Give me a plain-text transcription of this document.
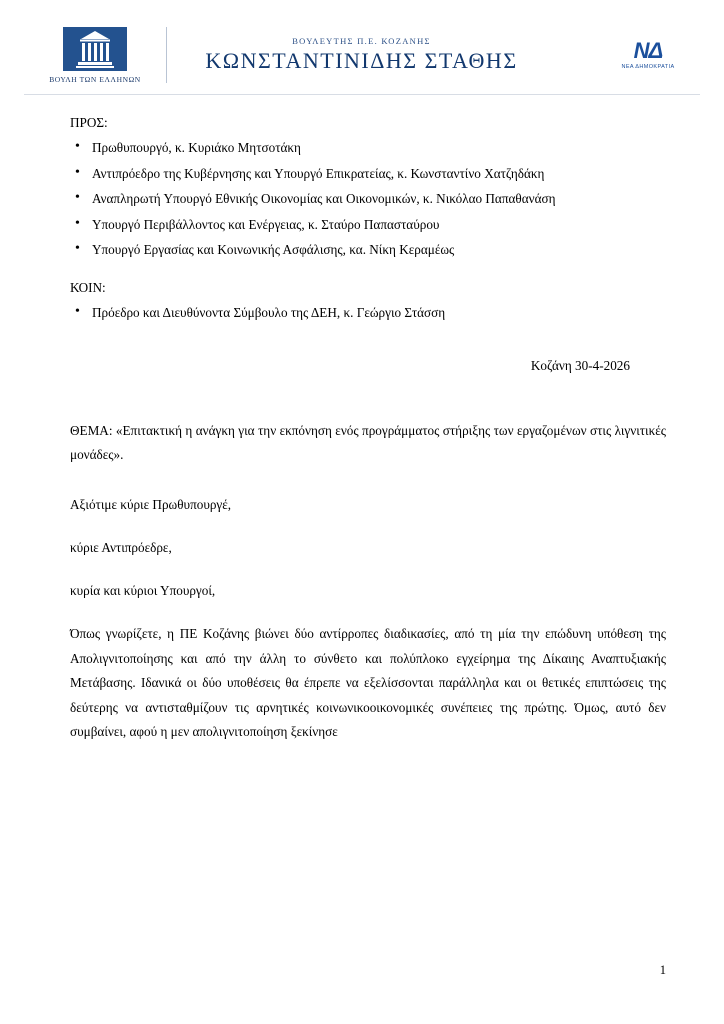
ΒΟΥΛΗ ΤΩΝ ΕΛΛΗΝΩΝ
ΒΟΥΛΕΥΤΗΣ Π.Ε. ΚΟΖΑΝΗΣ
ΚΩΝΣΤΑΝΤΙΝΙΔΗΣ ΣΤΑΘΗΣ	ΝΔ
ΝΕΑ ΔΗΜΟΚΡΑΤΙΑ
ΠΡΟΣ:
• Πρωθυπουργό, κ. Κυριάκο Μητσοτάκη
• Αντιπρόεδρο της Κυβέρνησης και Υπουργό Επικρατείας, κ. Κωνσταντίνο Χατζηδάκη
• Αναπληρωτή Υπουργό Εθνικής Οικονομίας και Οικονομικών, κ. Νικόλαο Παπαθανάση
• Υπουργό Περιβάλλοντος και Ενέργειας, κ. Σταύρο Παπασταύρου
• Υπουργό Εργασίας και Κοινωνικής Ασφάλισης, κα. Νίκη Κεραμέως
ΚΟΙΝ:
• Πρόεδρο και Διευθύνοντα Σύμβουλο της ΔΕΗ, κ. Γεώργιο Στάσση
Κοζάνη 30-4-2026
ΘΕΜΑ: «Επιτακτική η ανάγκη για την εκπόνηση ενός προγράμματος στήριξης των εργαζομένων στις λιγνιτικές μονάδες».

Αξιότιμε κύριε Πρωθυπουργέ,

κύριε Αντιπρόεδρε,

κυρία και κύριοι Υπουργοί,

Όπως γνωρίζετε, η ΠΕ Κοζάνης βιώνει δύο αντίρροπες διαδικασίες, από τη μία την επώδυνη υπόθεση της Απολιγνιτοποίησης και από την άλλη το σύνθετο και πολύπλοκο εγχείρημα της Δίκαιης Αναπτυξιακής Μετάβασης. Ιδανικά οι δύο υποθέσεις θα έπρεπε να εξελίσσονται παράλληλα και οι θετικές επιπτώσεις της δεύτερης να αντισταθμίζουν τις αρνητικές κοινωνικοοικονομικές συνέπειες της πρώτης. Όμως, αυτό δεν συμβαίνει, αφού η μεν απολιγνιτοποίηση ξεκίνησε

1
